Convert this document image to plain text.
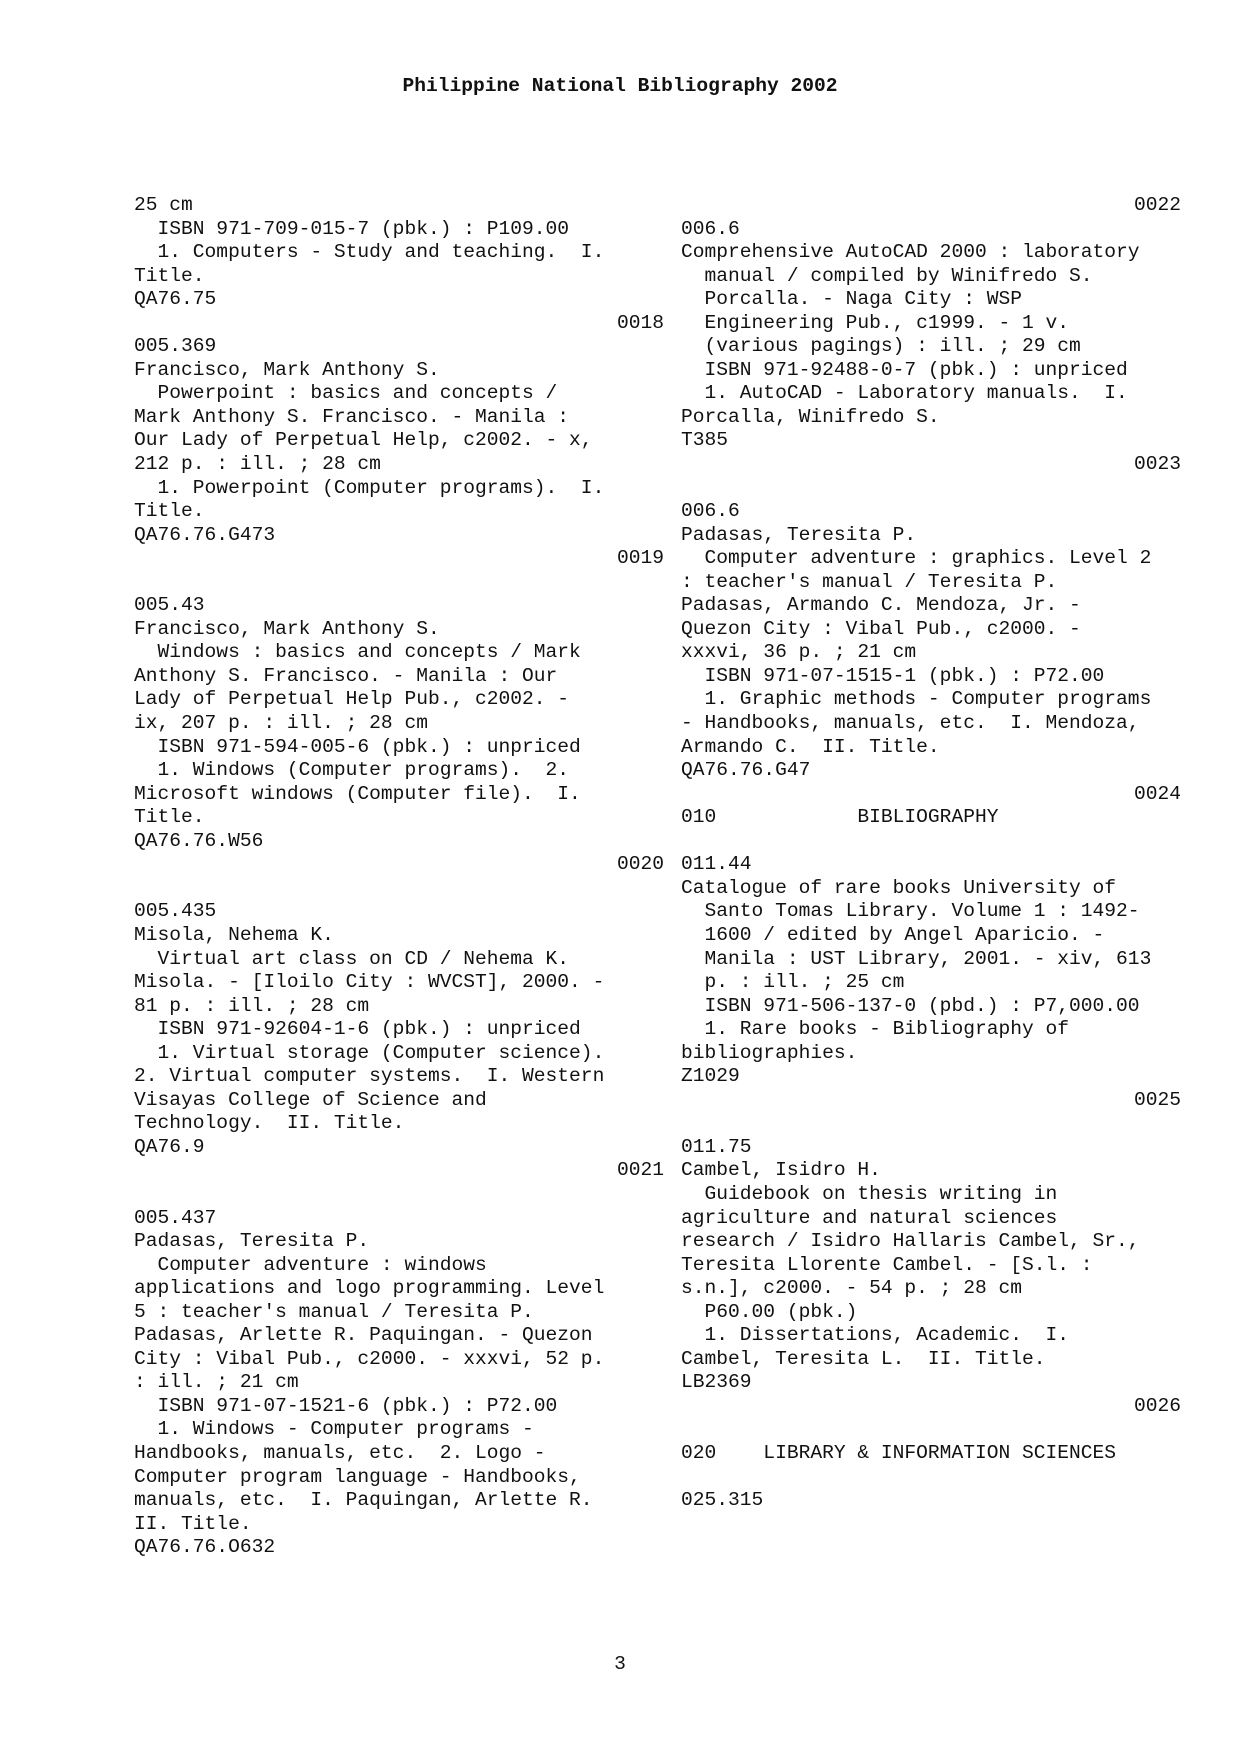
Philippine National Bibliography 2002
25 cm
ISBN 971-709-015-7 (pbk.) : P109.00
1. Computers - Study and teaching.  I.
Title.
QA76.75
0018
005.369
Francisco, Mark Anthony S.
Powerpoint : basics and concepts /
Mark Anthony S. Francisco. - Manila :
Our Lady of Perpetual Help, c2002. - x,
212 p. : ill. ; 28 cm
1. Powerpoint (Computer programs).  I.
Title.
QA76.76.G473
0019
005.43
Francisco, Mark Anthony S.
Windows : basics and concepts / Mark
Anthony S. Francisco. - Manila : Our
Lady of Perpetual Help Pub., c2002. -
ix, 207 p. : ill. ; 28 cm
ISBN 971-594-005-6 (pbk.) : unpriced
1. Windows (Computer programs).  2.
Microsoft windows (Computer file).  I.
Title.
QA76.76.W56
0020
005.435
Misola, Nehema K.
Virtual art class on CD / Nehema K.
Misola. - [Iloilo City : WVCST], 2000. -
81 p. : ill. ; 28 cm
ISBN 971-92604-1-6 (pbk.) : unpriced
1. Virtual storage (Computer science).
2. Virtual computer systems.  I. Western
Visayas College of Science and
Technology.  II. Title.
QA76.9
0021
005.437
Padasas, Teresita P.
Computer adventure : windows
applications and logo programming. Level
5 : teacher's manual / Teresita P.
Padasas, Arlette R. Paquingan. - Quezon
City : Vibal Pub., c2000. - xxxvi, 52 p.
: ill. ; 21 cm
ISBN 971-07-1521-6 (pbk.) : P72.00
1. Windows - Computer programs -
Handbooks, manuals, etc.  2. Logo -
Computer program language - Handbooks,
manuals, etc.  I. Paquingan, Arlette R.
II. Title.
QA76.76.O632
0022
006.6
Comprehensive AutoCAD 2000 : laboratory
manual / compiled by Winifredo S.
Porcalla. - Naga City : WSP
Engineering Pub., c1999. - 1 v.
(various pagings) : ill. ; 29 cm
ISBN 971-92488-0-7 (pbk.) : unpriced
1. AutoCAD - Laboratory manuals.  I.
Porcalla, Winifredo S.
T385
0023
006.6
Padasas, Teresita P.
Computer adventure : graphics. Level 2
: teacher's manual / Teresita P.
Padasas, Armando C. Mendoza, Jr. -
Quezon City : Vibal Pub., c2000. -
xxxvi, 36 p. ; 21 cm
ISBN 971-07-1515-1 (pbk.) : P72.00
1. Graphic methods - Computer programs
- Handbooks, manuals, etc.  I. Mendoza,
Armando C.  II. Title.
QA76.76.G47
0024
010            BIBLIOGRAPHY
011.44
Catalogue of rare books University of
Santo Tomas Library. Volume 1 : 1492-
1600 / edited by Angel Aparicio. -
Manila : UST Library, 2001. - xiv, 613
p. : ill. ; 25 cm
ISBN 971-506-137-0 (pbd.) : P7,000.00
1. Rare books - Bibliography of
bibliographies.
Z1029
0025
011.75
Cambel, Isidro H.
Guidebook on thesis writing in
agriculture and natural sciences
research / Isidro Hallaris Cambel, Sr.,
Teresita Llorente Cambel. - [S.l. :
s.n.], c2000. - 54 p. ; 28 cm
P60.00 (pbk.)
1. Dissertations, Academic.  I.
Cambel, Teresita L.  II. Title.
LB2369
0026
020    LIBRARY & INFORMATION SCIENCES
025.315
3
